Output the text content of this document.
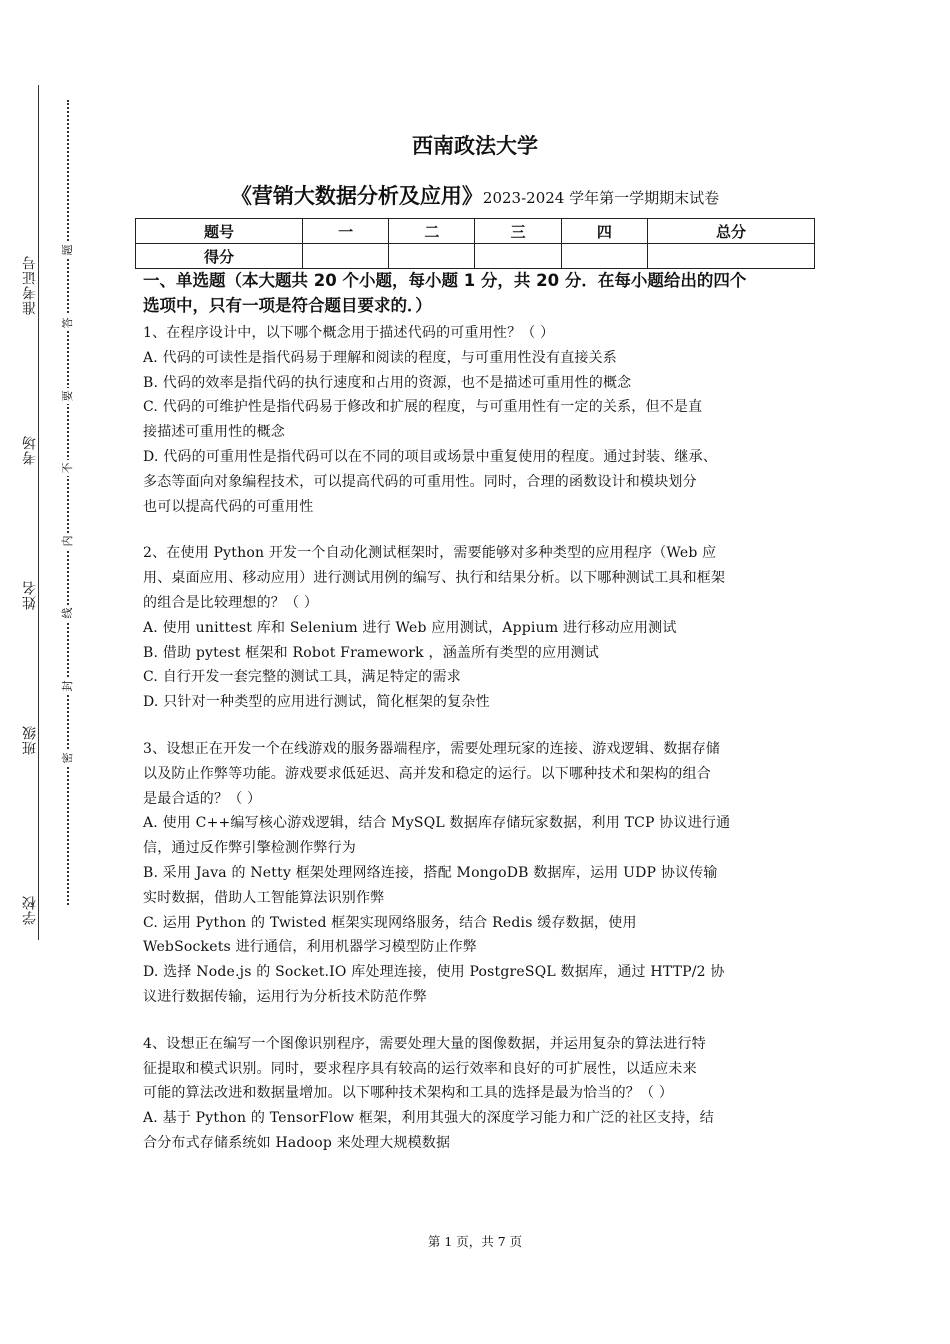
准考证号
考场
姓名
班级
学校
题
答
要
不
内
线
封
密
西南政法大学
《营销大数据分析及应用》2023-2024 学年第一学期期末试卷
题号	一	二	三	四	总分
得分					
一、单选题（本大题共 20 个小题，每小题 1 分，共 20 分．在每小题给出的四个
选项中，只有一项是符合题目要求的．）
1、在程序设计中，以下哪个概念用于描述代码的可重用性？（ ）
A. 代码的可读性是指代码易于理解和阅读的程度，与可重用性没有直接关系
B. 代码的效率是指代码的执行速度和占用的资源，也不是描述可重用性的概念
C. 代码的可维护性是指代码易于修改和扩展的程度，与可重用性有一定的关系，但不是直
接描述可重用性的概念
D. 代码的可重用性是指代码可以在不同的项目或场景中重复使用的程度。通过封装、继承、
多态等面向对象编程技术，可以提高代码的可重用性。同时，合理的函数设计和模块划分
也可以提高代码的可重用性
2、在使用 Python 开发一个自动化测试框架时，需要能够对多种类型的应用程序（Web 应
用、桌面应用、移动应用）进行测试用例的编写、执行和结果分析。以下哪种测试工具和框架
的组合是比较理想的？（ ）
A. 使用 unittest 库和 Selenium 进行 Web 应用测试，Appium 进行移动应用测试
B. 借助 pytest 框架和 Robot Framework ，涵盖所有类型的应用测试
C. 自行开发一套完整的测试工具，满足特定的需求
D. 只针对一种类型的应用进行测试，简化框架的复杂性
3、设想正在开发一个在线游戏的服务器端程序，需要处理玩家的连接、游戏逻辑、数据存储
以及防止作弊等功能。游戏要求低延迟、高并发和稳定的运行。以下哪种技术和架构的组合
是最合适的？（ ）
A. 使用 C++编写核心游戏逻辑，结合 MySQL 数据库存储玩家数据，利用 TCP 协议进行通
信，通过反作弊引擎检测作弊行为
B. 采用 Java 的 Netty 框架处理网络连接，搭配 MongoDB 数据库，运用 UDP 协议传输
实时数据，借助人工智能算法识别作弊
C. 运用 Python 的 Twisted 框架实现网络服务，结合 Redis 缓存数据，使用
WebSockets 进行通信，利用机器学习模型防止作弊
D. 选择 Node.js 的 Socket.IO 库处理连接，使用 PostgreSQL 数据库，通过 HTTP/2 协
议进行数据传输，运用行为分析技术防范作弊
4、设想正在编写一个图像识别程序，需要处理大量的图像数据，并运用复杂的算法进行特
征提取和模式识别。同时，要求程序具有较高的运行效率和良好的可扩展性，以适应未来
可能的算法改进和数据量增加。以下哪种技术架构和工具的选择是最为恰当的？（ ）
A. 基于 Python 的 TensorFlow 框架，利用其强大的深度学习能力和广泛的社区支持，结
合分布式存储系统如 Hadoop 来处理大规模数据
第 1 页，共 7 页
